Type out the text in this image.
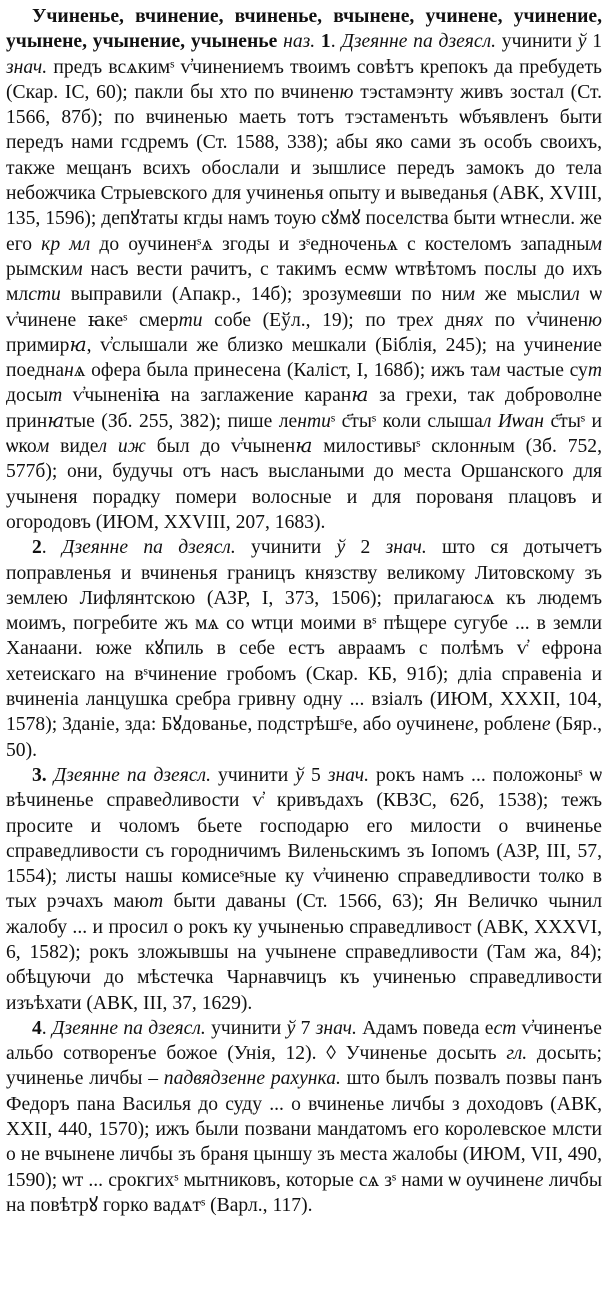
Учиненье, вчинение, вчиненье, вчынене, учинене, учинение, учынене, учынение, учыненье наз. 1. Дзеянне па дзеясл. учинити ў 1 знач. предъ всѧкимˢ ѵ҆чинениемъ твоимъ совѣтъ крепокъ да пребудеть (Скар. ІС, 60); пакли бы хто по вчиненю тэстамэнту живъ зостал (Ст. 1566, 87б); по вчиненью маеть тотъ тэстаменъть ѡбъявленъ быти передъ нами гсдремъ (Ст. 1588, 338); абы яко сами зъ особъ своихъ, также мещанъ всихъ обослали и зышлисе передъ замокъ до тела небожчика Стрыевского для учиненья опыту и выведанья (АВК, XVIII, 135, 1596); депꙋтаты кгды намъ тоую сꙋмꙋ поселства быти ѡтнесли. же его кр мл до оучиненˢѧ згоды и зˢедноченьѧ с костеломъ западным рымским насъ вести рачитъ, с такимъ есмѡ ѡтвѣтомъ послы до ихъ млсти выправили (Апакр., 14б); зрозумевши по ним же мыслил ѡ ѵ҆чинене ꙗкеˢ смерти собе (Еўл., 19); по трех днях по ѵ҆чиненю примирꙗ, ѵ҆слышали же близко мешкали (Біблія, 245); на учинение поеднанѧ офера была принесена (Каліст, І, 168б); ижъ там частые сут досыт ѵ҆чыненіꙗ на заглажение каранꙗ за грехи, так доброволне принꙗтые (Зб. 255, 382); пише лентиˢ с҃тыˢ коли слышал Иѡан с҃тыˢ и ѡком видел иж был до ѵ҆чыненꙗ милостивыˢ склонным (Зб. 752, 577б); они, будучы отъ насъ выслаными до места Оршанского для учыненя порадку помери волосные и для порованя плацовъ и огородовъ (ИЮМ, XXVIII, 207, 1683).

2. Дзеянне па дзеясл. учинити ў 2 знач. што ся дотычетъ поправленья и вчиненья границъ князству великому Литовскому зъ землею Лифлянтскою (АЗР, І, 373, 1506); прилагаюсѧ къ людемъ моимъ, погребите жъ мѧ со ѡтци моими вˢ пѣщере сугубе ... в земли Ханаани. юже кꙋпиль в себе естъ авраамъ с полѣмъ ѵ҆ ефрона хетеискаго на вˢчинение гробомъ (Скар. КБ, 91б); дліа справеніа и вчиненіа ланцушка сребра гривну одну ... взіалъ (ИЮМ, XXXII, 104, 1578); Зданіе, зда: Бꙋдованье, подстрѣшˢе, або оучинене, роблене (Бяр., 50).

3. Дзеянне па дзеясл. учинити ў 5 знач. рокъ намъ ... положоныˢ ѡ вѣчиненье справедливости ѵ҆ кривъдахъ (КВЗС, 62б, 1538); тежъ просите и чоломъ бьете господарю его милости о вчиненье справедливости съ городничимъ Виленьскимъ зъ Іопомъ (АЗР, ІІІ, 57, 1554); листы нашы комисеˢные ку ѵ҆чиненю справедливости толко в тых рэчахъ мают быти даваны (Ст. 1566, 63); Ян Величко чынил жалобу ... и просил о рокъ ку учыненью справедливост (АВК, XXXVI, 6, 1582); рокъ зложывшы на учынене справедливости (Там жа, 84); обѣцуючи до мѣстечка Чарнавчицъ къ учиненью справедливости изъѣхати (АВК, ІІІ, 37, 1629).

4. Дзеянне па дзеясл. учинити ў 7 знач. Адамъ поведа ест ѵ҆чиненъе альбо сотворенъе божое (Унія, 12). ◊ Учиненье досыть гл. досыть; учиненье личбы – падвядзенне рахунка. што былъ позвалъ позвы панъ Федоръ пана Василья до суду ... о вчиненье личбы з доходовъ (АВК, XXII, 440, 1570); ижъ были позвани мандатомъ его королевское млсти о не вчынене личбы зъ браня цыншу зъ места жалобы (ИЮМ, VII, 490, 1590); ѡт ... срокгихˢ мытниковъ, которые сѧ зˢ нами ѡ оучинене личбы на повѣтрꙋ горко вадѧтˢ (Варл., 117).
